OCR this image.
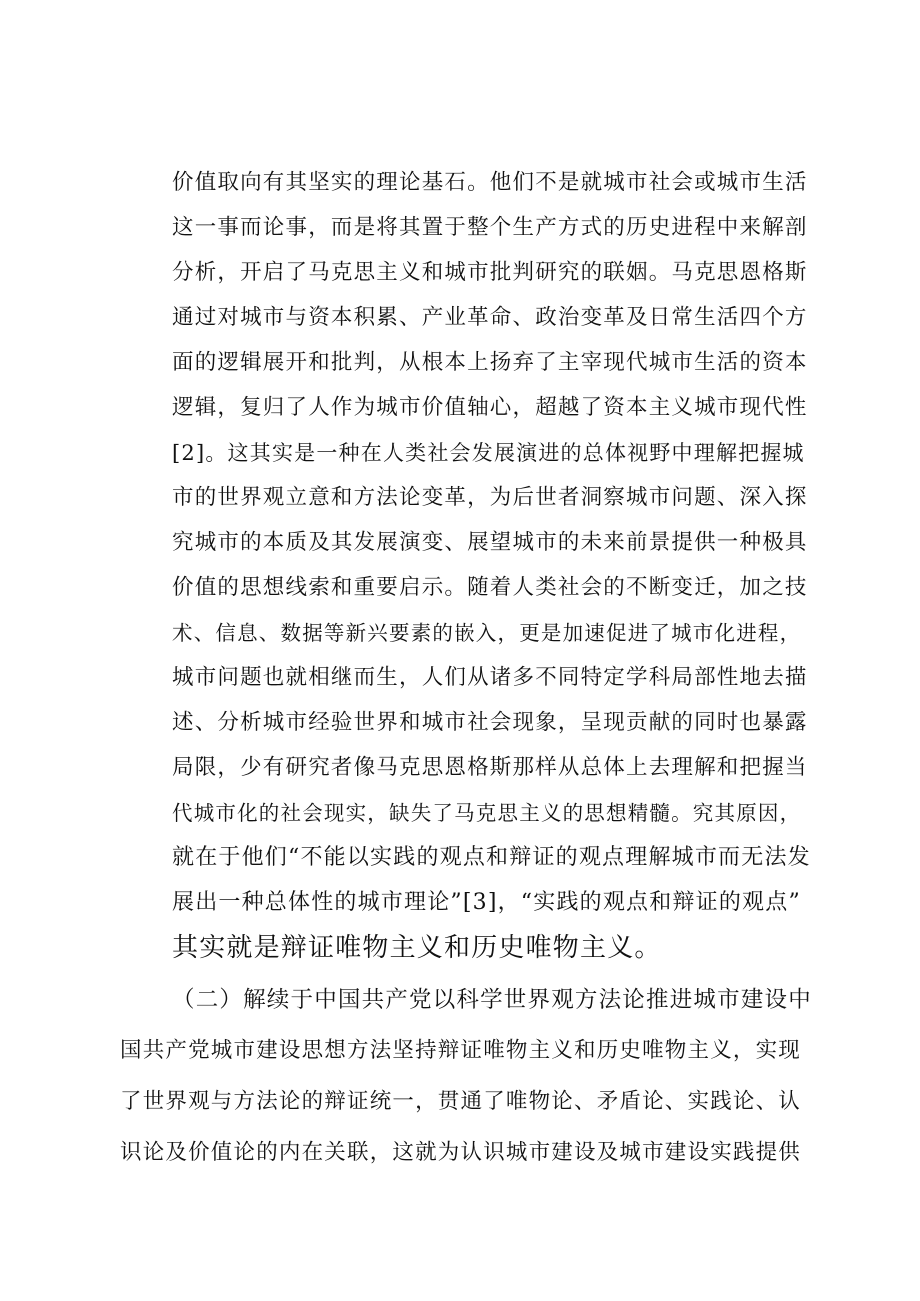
价值取向有其坚实的理论基石。他们不是就城市社会或城市生活
这一事而论事，而是将其置于整个生产方式的历史进程中来解剖
分析，开启了马克思主义和城市批判研究的联姻。马克思恩格斯
通过对城市与资本积累、产业革命、政治变革及日常生活四个方
面的逻辑展开和批判，从根本上扬弃了主宰现代城市生活的资本
逻辑，复归了人作为城市价值轴心，超越了资本主义城市现代性
[2]。这其实是一种在人类社会发展演进的总体视野中理解把握城
市的世界观立意和方法论变革，为后世者洞察城市问题、深入探
究城市的本质及其发展演变、展望城市的未来前景提供一种极具
价值的思想线索和重要启示。随着人类社会的不断变迁，加之技
术、信息、数据等新兴要素的嵌入，更是加速促进了城市化进程，
城市问题也就相继而生，人们从诸多不同特定学科局部性地去描
述、分析城市经验世界和城市社会现象，呈现贡献的同时也暴露
局限，少有研究者像马克思恩格斯那样从总体上去理解和把握当
代城市化的社会现实，缺失了马克思主义的思想精髓。究其原因，
就在于他们“不能以实践的观点和辩证的观点理解城市而无法发
展出一种总体性的城市理论”[3]，“实践的观点和辩证的观点”
其实就是辩证唯物主义和历史唯物主义。
（二）解续于中国共产党以科学世界观方法论推进城市建设中
国共产党城市建设思想方法坚持辩证唯物主义和历史唯物主义，实现
了世界观与方法论的辩证统一，贯通了唯物论、矛盾论、实践论、认
识论及价值论的内在关联，这就为认识城市建设及城市建设实践提供
